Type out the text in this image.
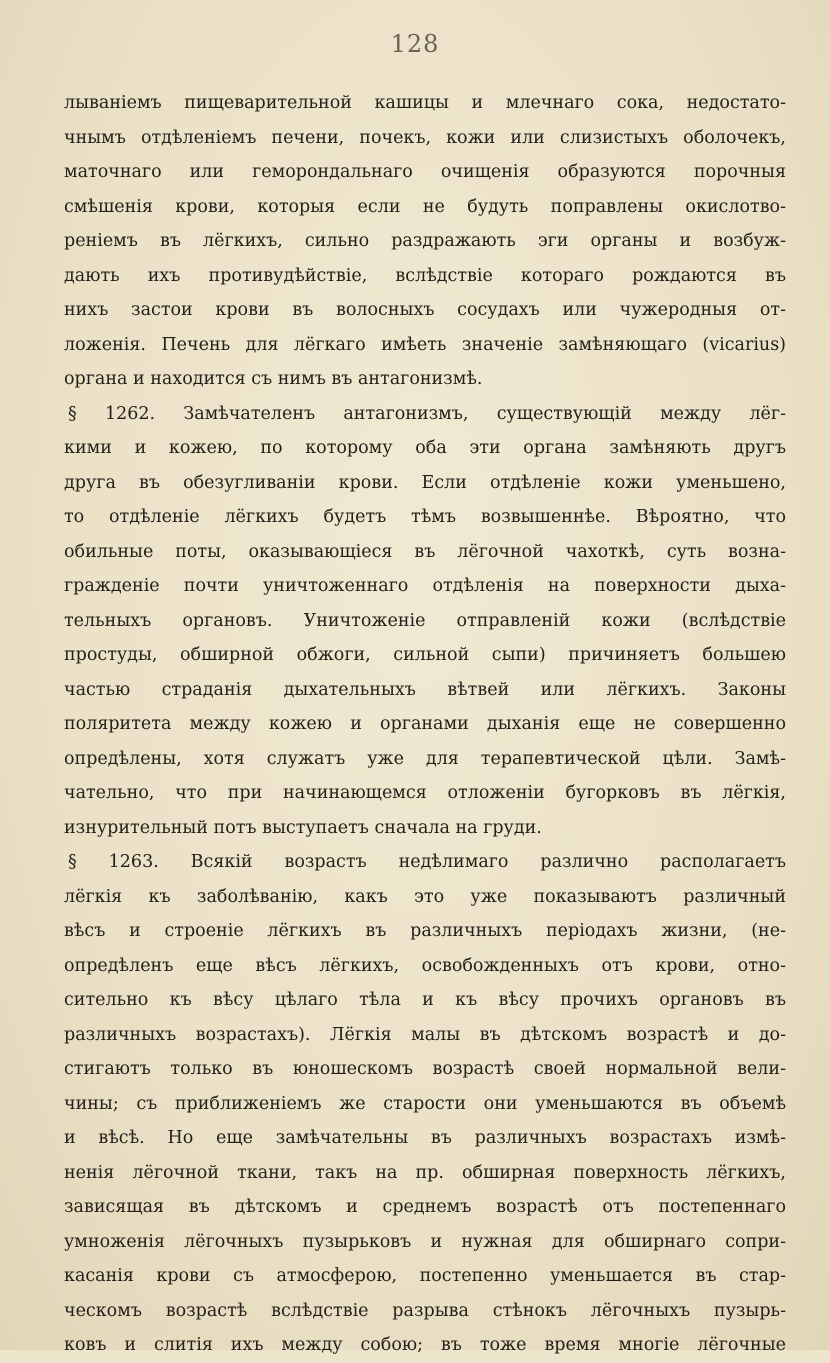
128
лываніемъ пищеварительной кашицы и млечнаго сока, недостато-
чнымъ отдѣленіемъ печени, почекъ, кожи или слизистыхъ оболочекъ,
маточнаго или геморондальнаго очищенія образуются порочныя
смѣшенія крови, которыя если не будуть поправлены окислотво-
реніемъ въ лёгкихъ, сильно раздражають эги органы и возбуж-
дають ихъ противудѣйствіе, вслѣдствіе котораго рождаются въ
нихъ застои крови въ волосныхъ сосудахъ или чужеродныя от-
ложенія. Печень для лёгкаго имѣеть значеніе замѣняющаго (vicarius)
органа и находится съ нимъ въ антагонизмѣ.
§ 1262. Замѣчателенъ антагонизмъ, существующій между лёг-
кими и кожею, по которому оба эти органа замѣняють другъ
друга въ обезугливаніи крови. Если отдѣленіе кожи уменьшено,
то отдѣленіе лёгкихъ будетъ тѣмъ возвышеннѣе. Вѣроятно, что
обильные поты, оказывающіеся въ лёгочной чахоткѣ, суть возна-
гражденіе почти уничтоженнаго отдѣленія на поверхности дыха-
тельныхъ органовъ. Уничтоженіе отправленій кожи (вслѣдствіе
простуды, обширной обжоги, сильной сыпи) причиняетъ большею
частью страданія дыхательныхъ вѣтвей или лёгкихъ. Законы
поляритета между кожею и органами дыханія еще не совершенно
опредѣлены, хотя служатъ уже для терапевтической цѣли. Замѣ-
чательно, что при начинающемся отложеніи бугорковъ въ лёгкія,
изнурительный потъ выступаетъ сначала на груди.
§ 1263. Всякій возрастъ недѣлимаго различно располагаетъ
лёгкія къ заболѣванію, какъ это уже показываютъ различный
вѣсъ и строеніе лёгкихъ въ различныхъ періодахъ жизни, (не-
опредѣленъ еще вѣсъ лёгкихъ, освобожденныхъ отъ крови, отно-
сительно къ вѣсу цѣлаго тѣла и къ вѣсу прочихъ органовъ въ
различныхъ возрастахъ). Лёгкія малы въ дѣтскомъ возрастѣ и до-
стигаютъ только въ юношескомъ возрастѣ своей нормальной вели-
чины; съ приближеніемъ же старости они уменьшаются въ объемѣ
и вѣсѣ. Но еще замѣчательны въ различныхъ возрастахъ измѣ-
ненія лёгочной ткани, такъ на пр. обширная поверхность лёгкихъ,
зависящая въ дѣтскомъ и среднемъ возрастѣ отъ постепеннаго
умноженія лёгочныхъ пузырьковъ и нужная для обширнаго сопри-
касанія крови съ атмосферою, постепенно уменьшается въ стар-
ческомъ возрастѣ вслѣдствіе разрыва стѣнокъ лёгочныхъ пузырь-
ковъ и слитія ихъ между собою; въ тоже время многіе лёгочные
